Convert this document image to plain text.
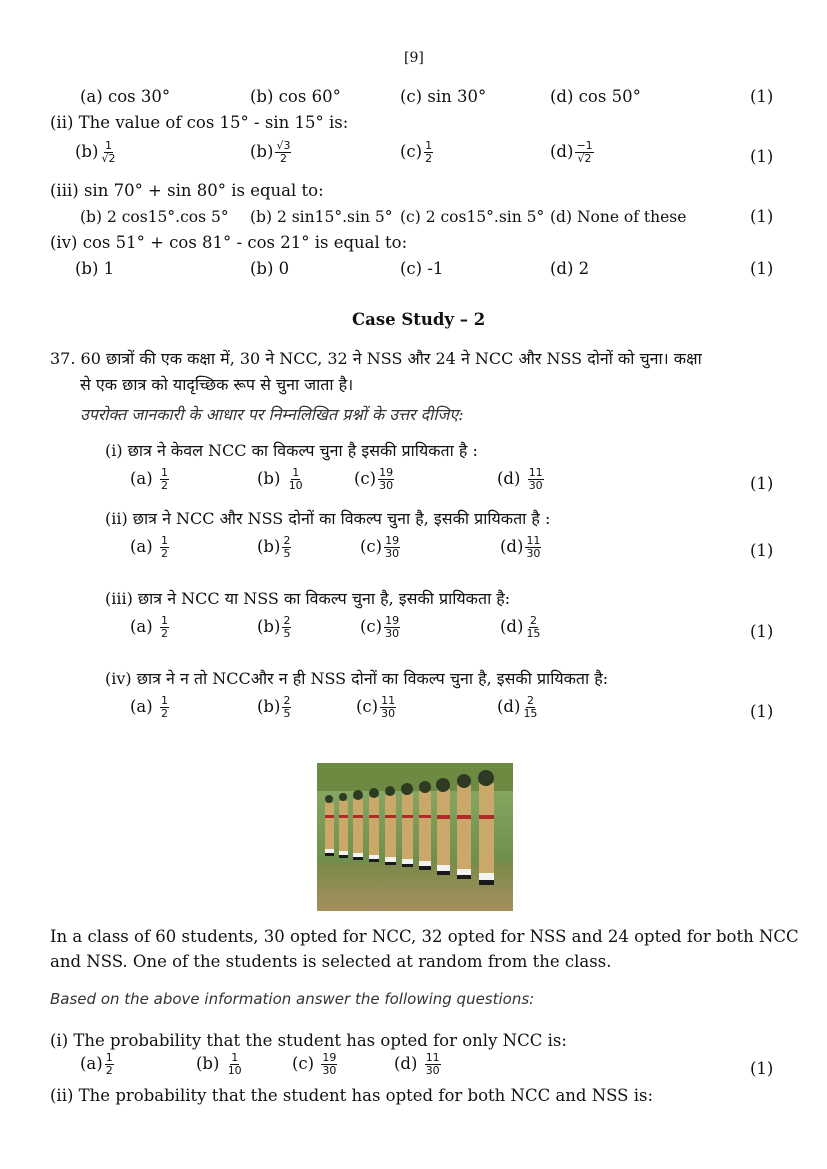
[9]
(a) cos 30°	(b) cos 60°	(c) sin 30°	(d) cos 50°	(1)
(ii) The value of cos 15° - sin 15° is:
$(b) \frac{1}{√2}$	$(b) \frac{√3}{2}$	$(c) \frac{1}{2}$	$(d) \frac{-1}{√2}$	(1)
(iii) sin 70° + sin 80° is equal to:
(b) 2 cos15°.cos 5° (b) 2 sin15°.sin 5° (c) 2 cos15°.sin 5° (d) None of these	(1)
(iv) cos 51° + cos 81° - cos 21° is equal to:
(b) 1	(b) 0	(c) -1	(d) 2	(1)
Case Study – 2
37. 60 छात्रों की एक कक्षा में, 30 ने NCC, 32 ने NSS और 24 ने NCC और NSS दोनों को चुना। कक्षा
से एक छात्र को यादृच्छिक रूप से चुना जाता है।
उपरोक्त जानकारी के आधार पर निम्नलिखित प्रश्नों के उत्तर दीजिए:
(i) छात्र ने केवल NCC का विकल्प चुना है इसकी प्रायिकता है :
$(a) \frac{1}{2}$	$(b) \frac{1}{10}$	$(c) \frac{19}{30}$	$(d) \frac{11}{30}$	(1)
(ii) छात्र ने NCC और NSS दोनों का विकल्प चुना है, इसकी प्रायिकता है :
$(a) \frac{1}{2}$	$(b) \frac{2}{5}$	$(c) \frac{19}{30}$	$(d) \frac{11}{30}$	(1)
(iii) छात्र ने NCC या NSS का विकल्प चुना है, इसकी प्रायिकता है:
$(a) \frac{1}{2}$	$(b) \frac{2}{5}$	$(c) \frac{19}{30}$	$(d) \frac{2}{15}$	(1)
(iv) छात्र ने न तो NCCऔर न ही NSS दोनों का विकल्प चुना है, इसकी प्रायिकता है:
$(a) \frac{1}{2}$	$(b) \frac{2}{5}$	$(c) \frac{11}{30}$	$(d) \frac{2}{15}$	(1)
In a class of 60 students, 30 opted for NCC, 32 opted for NSS and 24 opted for both NCC
and NSS. One of the students is selected at random from the class.
Based on the above information answer the following questions:
(i) The probability that the student has opted for only NCC is:
$(a) \frac{1}{2}$	$(b) \frac{1}{10}$	$(c) \frac{19}{30}$	$(d) \frac{11}{30}$	(1)
(ii) The probability that the student has opted for both NCC and NSS is:
